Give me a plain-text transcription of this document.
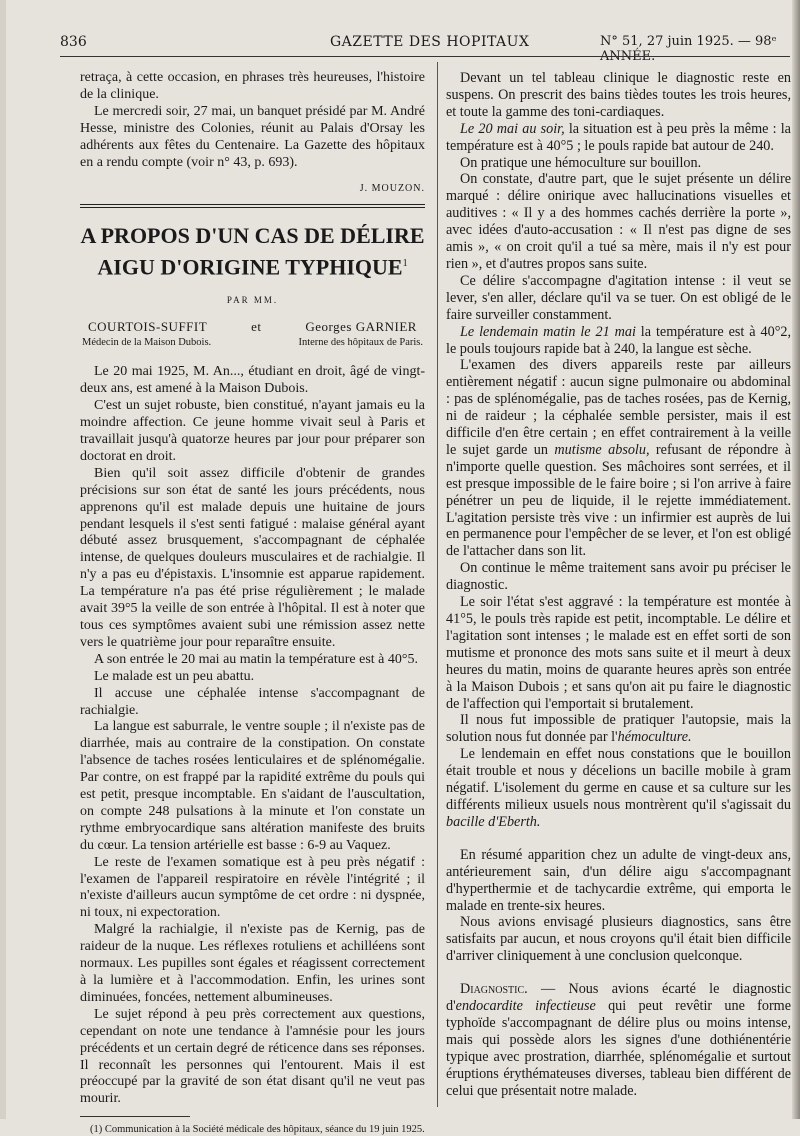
836	GAZETTE DES HOPITAUX	N° 51, 27 juin 1925. — 98ᵉ ANNÉE.

retraça, à cette occasion, en phrases très heureuses, l'histoire de la clinique.

Le mercredi soir, 27 mai, un banquet présidé par M. André Hesse, ministre des Colonies, réunit au Palais d'Orsay les adhérents aux fêtes du Centenaire. La Gazette des hôpitaux en a rendu compte (voir n° 43, p. 693).

J. MOUZON.

A PROPOS D'UN CAS DE DÉLIRE AIGU D'ORIGINE TYPHIQUE$^1$
PAR MM.
COURTOIS-SUFFIT	et	Georges GARNIER
Médecin de la Maison Dubois.	Interne des hôpitaux de Paris.

Le 20 mai 1925, M. An..., étudiant en droit, âgé de vingt-deux ans, est amené à la Maison Dubois.

C'est un sujet robuste, bien constitué, n'ayant jamais eu la moindre affection. Ce jeune homme vivait seul à Paris et travaillait jusqu'à quatorze heures par jour pour préparer son doctorat en droit.

Bien qu'il soit assez difficile d'obtenir de grandes précisions sur son état de santé les jours précédents, nous apprenons qu'il est malade depuis une huitaine de jours pendant lesquels il s'est senti fatigué : malaise général ayant débuté assez brusquement, s'accompagnant de céphalée intense, de quelques douleurs musculaires et de rachialgie. Il n'y a pas eu d'épistaxis. L'insomnie est apparue rapidement. La température n'a pas été prise régulièrement ; le malade avait 39°5 la veille de son entrée à l'hôpital. Il est à noter que tous ces symptômes avaient subi une rémission assez nette vers le quatrième jour pour reparaître ensuite.

A son entrée le 20 mai au matin la température est à 40°5.

Le malade est un peu abattu.

Il accuse une céphalée intense s'accompagnant de rachialgie.

La langue est saburrale, le ventre souple ; il n'existe pas de diarrhée, mais au contraire de la constipation. On constate l'absence de taches rosées lenticulaires et de splénomégalie. Par contre, on est frappé par la rapidité extrême du pouls qui est petit, presque incomptable. En s'aidant de l'auscultation, on compte 248 pulsations à la minute et l'on constate un rythme embryocardique sans altération manifeste des bruits du cœur. La tension artérielle est basse : 6-9 au Vaquez.

Le reste de l'examen somatique est à peu près négatif : l'examen de l'appareil respiratoire en révèle l'intégrité ; il n'existe d'ailleurs aucun symptôme de cet ordre : ni dyspnée, ni toux, ni expectoration.

Malgré la rachialgie, il n'existe pas de Kernig, pas de raideur de la nuque. Les réflexes rotuliens et achilléens sont normaux. Les pupilles sont égales et réagissent correctement à la lumière et à l'accommodation. Enfin, les urines sont diminuées, foncées, nettement albumineuses.

Le sujet répond à peu près correctement aux questions, cependant on note une tendance à l'amnésie pour les jours précédents et un certain degré de réticence dans ses réponses. Il reconnaît les personnes qui l'entourent. Mais il est préoccupé par la gravité de son état disant qu'il ne veut pas mourir.

(1) Communication à la Société médicale des hôpitaux, séance du 19 juin 1925.

Devant un tel tableau clinique le diagnostic reste en suspens. On prescrit des bains tièdes toutes les trois heures, et toute la gamme des toni-cardiaques.

Le 20 mai au soir, la situation est à peu près la même : la température est à 40°5 ; le pouls rapide bat autour de 240.

On pratique une hémoculture sur bouillon.

On constate, d'autre part, que le sujet présente un délire marqué : délire onirique avec hallucinations visuelles et auditives : « Il y a des hommes cachés derrière la porte », avec idées d'auto-accusation : « Il n'est pas digne de ses amis », « on croit qu'il a tué sa mère, mais il n'y est pour rien », et d'autres propos sans suite.

Ce délire s'accompagne d'agitation intense : il veut se lever, s'en aller, déclare qu'il va se tuer. On est obligé de le faire surveiller constamment.

Le lendemain matin le 21 mai la température est à 40°2, le pouls toujours rapide bat à 240, la langue est sèche.

L'examen des divers appareils reste par ailleurs entièrement négatif : aucun signe pulmonaire ou abdominal : pas de splénomégalie, pas de taches rosées, pas de Kernig, ni de raideur ; la céphalée semble persister, mais il est difficile d'en être certain ; en effet contrairement à la veille le sujet garde un mutisme absolu, refusant de répondre à n'importe quelle question. Ses mâchoires sont serrées, et il est presque impossible de le faire boire ; si l'on arrive à faire pénétrer un peu de liquide, il le rejette immédiatement. L'agitation persiste très vive : un infirmier est auprès de lui en permanence pour l'empêcher de se lever, et l'on est obligé de l'attacher dans son lit.

On continue le même traitement sans avoir pu préciser le diagnostic.

Le soir l'état s'est aggravé : la température est montée à 41°5, le pouls très rapide est petit, incomptable. Le délire et l'agitation sont intenses ; le malade est en effet sorti de son mutisme et prononce des mots sans suite et il meurt à deux heures du matin, moins de quarante heures après son entrée à la Maison Dubois ; et sans qu'on ait pu faire le diagnostic de l'affection qui l'emportait si brutalement.

Il nous fut impossible de pratiquer l'autopsie, mais la solution nous fut donnée par l'hémoculture.

Le lendemain en effet nous constations que le bouillon était trouble et nous y décelions un bacille mobile à gram négatif. L'isolement du germe en cause et sa culture sur les différents milieux usuels nous montrèrent qu'il s'agissait du bacille d'Eberth.

En résumé apparition chez un adulte de vingt-deux ans, antérieurement sain, d'un délire aigu s'accompagnant d'hyperthermie et de tachycardie extrême, qui emporta le malade en trente-six heures.

Nous avions envisagé plusieurs diagnostics, sans être satisfaits par aucun, et nous croyons qu'il était bien difficile d'arriver cliniquement à une conclusion quelconque.

Diagnostic. — Nous avions écarté le diagnostic d'endocardite infectieuse qui peut revêtir une forme typhoïde s'accompagnant de délire plus ou moins intense, mais qui possède alors les signes d'une dothiénentérie typique avec prostration, diarrhée, splénomégalie et surtout éruptions érythémateuses diverses, tableau bien différent de celui que présentait notre malade.
